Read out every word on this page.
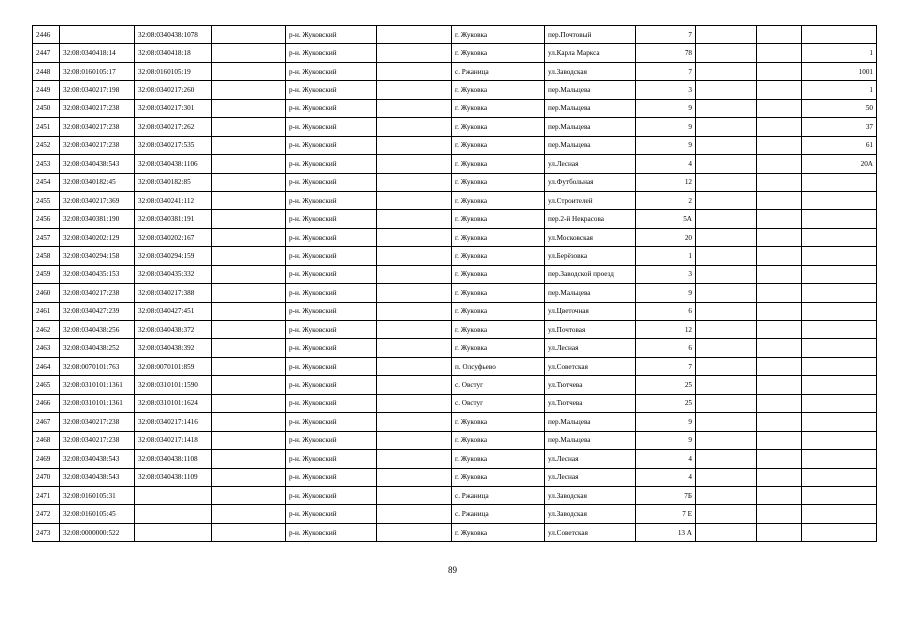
2446		32:08:0340438:1078		р-н. Жуковский		г. Жуковка	пер.Почтовый	7			
2447	32:08:0340418:14	32:08:0340418:18		р-н. Жуковский		г. Жуковка	ул.Карла Маркса	78			1
2448	32:08:0160105:17	32:08:0160105:19		р-н. Жуковский		с. Ржаница	ул.Заводская	7			1001
2449	32:08:0340217:198	32:08:0340217:260		р-н. Жуковский		г. Жуковка	пер.Мальцева	3			1
2450	32:08:0340217:238	32:08:0340217:301		р-н. Жуковский		г. Жуковка	пер.Мальцева	9			50
2451	32:08:0340217:238	32:08:0340217:262		р-н. Жуковский		г. Жуковка	пер.Мальцева	9			37
2452	32:08:0340217:238	32:08:0340217:535		р-н. Жуковский		г. Жуковка	пер.Мальцева	9			61
2453	32:08:0340438:543	32:08:0340438:1106		р-н. Жуковский		г. Жуковка	ул.Лесная	4			20А
2454	32:08:0340182:45	32:08:0340182:85		р-н. Жуковский		г. Жуковка	ул.Футбольная	12			
2455	32:08:0340217:369	32:08:0340241:112		р-н. Жуковский		г. Жуковка	ул.Строителей	2			
2456	32:08:0340381:190	32:08:0340381:191		р-н. Жуковский		г. Жуковка	пер.2-й Некрасова	5А			
2457	32:08:0340202:129	32:08:0340202:167		р-н. Жуковский		г. Жуковка	ул.Московская	20			
2458	32:08:0340294:158	32:08:0340294:159		р-н. Жуковский		г. Жуковка	ул.Берёзовка	1			
2459	32:08:0340435:153	32:08:0340435:332		р-н. Жуковский		г. Жуковка	пер.Заводской проезд	3			
2460	32:08:0340217:238	32:08:0340217:388		р-н. Жуковский		г. Жуковка	пер.Мальцева	9			
2461	32:08:0340427:239	32:08:0340427:451		р-н. Жуковский		г. Жуковка	ул.Цветочная	6			
2462	32:08:0340438:256	32:08:0340438:372		р-н. Жуковский		г. Жуковка	ул.Почтовая	12			
2463	32:08:0340438:252	32:08:0340438:392		р-н. Жуковский		г. Жуковка	ул.Лесная	6			
2464	32:08:0070101:763	32:08:0070101:859		р-н. Жуковский		п. Олсуфьево	ул.Советская	7			
2465	32:08:0310101:1361	32:08:0310101:1590		р-н. Жуковский		с. Овстуг	ул.Тютчева	25			
2466	32:08:0310101:1361	32:08:0310101:1624		р-н. Жуковский		с. Овстуг	ул.Тютчева	25			
2467	32:08:0340217:238	32:08:0340217:1416		р-н. Жуковский		г. Жуковка	пер.Мальцева	9			
2468	32:08:0340217:238	32:08:0340217:1418		р-н. Жуковский		г. Жуковка	пер.Мальцева	9			
2469	32:08:0340438:543	32:08:0340438:1108		р-н. Жуковский		г. Жуковка	ул.Лесная	4			
2470	32:08:0340438:543	32:08:0340438:1109		р-н. Жуковский		г. Жуковка	ул.Лесная	4			
2471	32:08:0160105:31			р-н. Жуковский		с. Ржаница	ул.Заводская	7Б			
2472	32:08:0160105:45			р-н. Жуковский		с. Ржаница	ул.Заводская	7 Е			
2473	32:08:0000000:522			р-н. Жуковский		г. Жуковка	ул.Советская	13 А			
89
